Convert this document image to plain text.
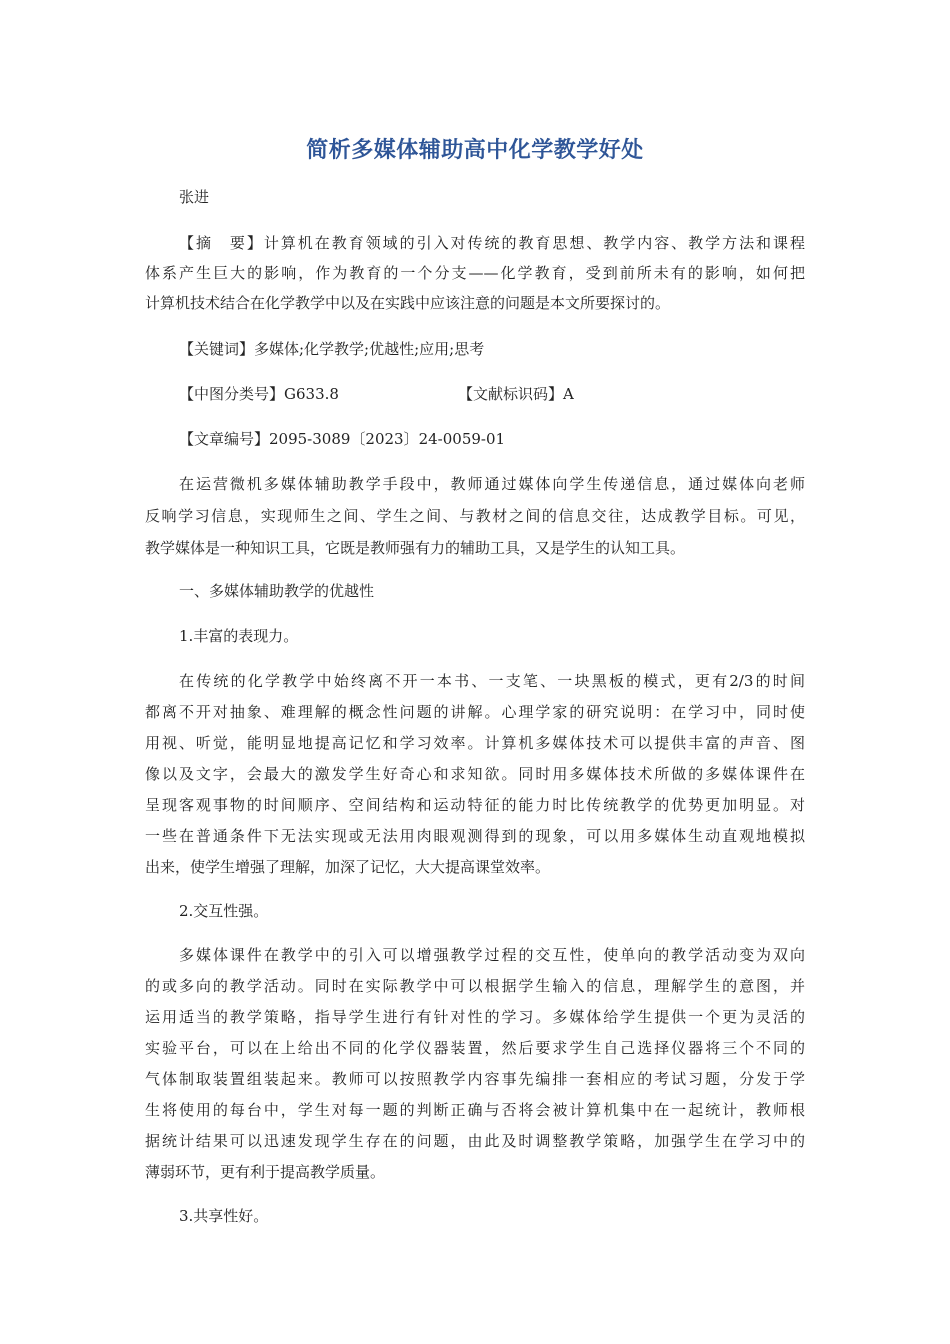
简析多媒体辅助高中化学教学好处
张进
【摘　要】计算机在教育领域的引入对传统的教育思想、教学内容、教学方法和课程
体系产生巨大的影响，作为教育的一个分支——化学教育，受到前所未有的影响，如何把
计算机技术结合在化学教学中以及在实践中应该注意的问题是本文所要探讨的。
【关键词】多媒体;化学教学;优越性;应用;思考
【中图分类号】G633.8	【文献标识码】A
【文章编号】2095-3089〔2023〕24-0059-01
在运营微机多媒体辅助教学手段中，教师通过媒体向学生传递信息，通过媒体向老师
反响学习信息，实现师生之间、学生之间、与教材之间的信息交往，达成教学目标。可见，
教学媒体是一种知识工具，它既是教师强有力的辅助工具，又是学生的认知工具。
一、多媒体辅助教学的优越性
1.丰富的表现力。
在传统的化学教学中始终离不开一本书、一支笔、一块黑板的模式，更有2/3的时间
都离不开对抽象、难理解的概念性问题的讲解。心理学家的研究说明：在学习中，同时使
用视、听觉，能明显地提高记忆和学习效率。计算机多媒体技术可以提供丰富的声音、图
像以及文字，会最大的激发学生好奇心和求知欲。同时用多媒体技术所做的多媒体课件在
呈现客观事物的时间顺序、空间结构和运动特征的能力时比传统教学的优势更加明显。对
一些在普通条件下无法实现或无法用肉眼观测得到的现象，可以用多媒体生动直观地模拟
出来，使学生增强了理解，加深了记忆，大大提高课堂效率。
2.交互性强。
多媒体课件在教学中的引入可以增强教学过程的交互性，使单向的教学活动变为双向
的或多向的教学活动。同时在实际教学中可以根据学生输入的信息，理解学生的意图，并
运用适当的教学策略，指导学生进行有针对性的学习。多媒体给学生提供一个更为灵活的
实验平台，可以在上给出不同的化学仪器装置，然后要求学生自己选择仪器将三个不同的
气体制取装置组装起来。教师可以按照教学内容事先编排一套相应的考试习题，分发于学
生将使用的每台中，学生对每一题的判断正确与否将会被计算机集中在一起统计，教师根
据统计结果可以迅速发现学生存在的问题，由此及时调整教学策略，加强学生在学习中的
薄弱环节，更有利于提高教学质量。
3.共享性好。
